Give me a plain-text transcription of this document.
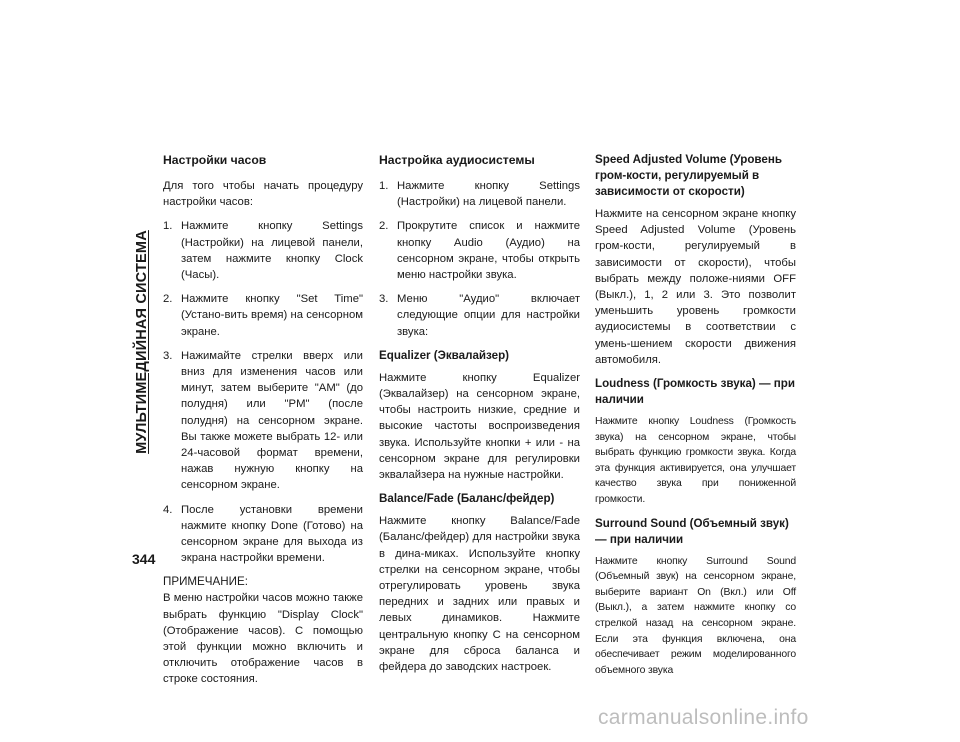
МУЛЬТИМЕДИЙНАЯ СИСТЕМА
344
Настройки часов

Для того чтобы начать процедуру настройки часов:

1. Нажмите кнопку Settings (Настройки) на лицевой панели, затем нажмите кнопку Clock (Часы).
2. Нажмите кнопку "Set Time" (Устано-вить время) на сенсорном экране.
3. Нажимайте стрелки вверх или вниз для изменения часов или минут, затем выберите "AM" (до полудня) или "PM" (после полудня) на сенсорном экране. Вы также можете выбрать 12- или 24-часовой формат времени, нажав нужную кнопку на сенсорном экране.
4. После установки времени нажмите кнопку Done (Готово) на сенсорном экране для выхода из экрана настройки времени.
ПРИМЕЧАНИЕ:

В меню настройки часов можно также выбрать функцию "Display Clock" (Отображение часов). С помощью этой функции можно включить и отключить отображение часов в строке состояния.

Настройка аудиосистемы
1. Нажмите кнопку Settings (Настройки) на лицевой панели.
2. Прокрутите список и нажмите кнопку Audio (Аудио) на сенсорном экране, чтобы открыть меню настройки звука.
3. Меню "Аудио" включает следующие опции для настройки звука:
Equalizer (Эквалайзер)

Нажмите кнопку Equalizer (Эквалайзер) на сенсорном экране, чтобы настроить низкие, средние и высокие частоты воспроизведения звука. Используйте кнопки + или - на сенсорном экране для регулировки эквалайзера на нужные настройки.

Balance/Fade (Баланс/фейдер)

Нажмите кнопку Balance/Fade (Баланс/фейдер) для настройки звука в дина-миках. Используйте кнопку стрелки на сенсорном экране, чтобы отрегулировать уровень звука передних и задних или правых и левых динамиков. Нажмите центральную кнопку С на сенсорном экране для сброса баланса и фейдера до заводских настроек.

Speed Adjusted Volume (Уровень гром-кости, регулируемый в зависимости от скорости)

Нажмите на сенсорном экране кнопку Speed Adjusted Volume (Уровень гром-кости, регулируемый в зависимости от скорости), чтобы выбрать между положе-ниями OFF (Выкл.), 1, 2 или 3. Это позволит уменьшить уровень громкости аудиосистемы в соответствии с умень-шением скорости движения автомобиля.

Loudness (Громкость звука) — при наличии

Нажмите кнопку Loudness (Громкость звука) на сенсорном экране, чтобы выбрать функцию громкости звука. Когда эта функция активируется, она улучшает качество звука при пониженной громкости.

Surround Sound (Объемный звук) — при наличии

Нажмите кнопку Surround Sound (Объемный звук) на сенсорном экране, выберите вариант On (Вкл.) или Off (Выкл.), а затем нажмите кнопку со стрелкой назад на сенсорном экране. Если эта функция включена, она обеспечивает режим моделированного объемного звука

carmanualsonline.info
